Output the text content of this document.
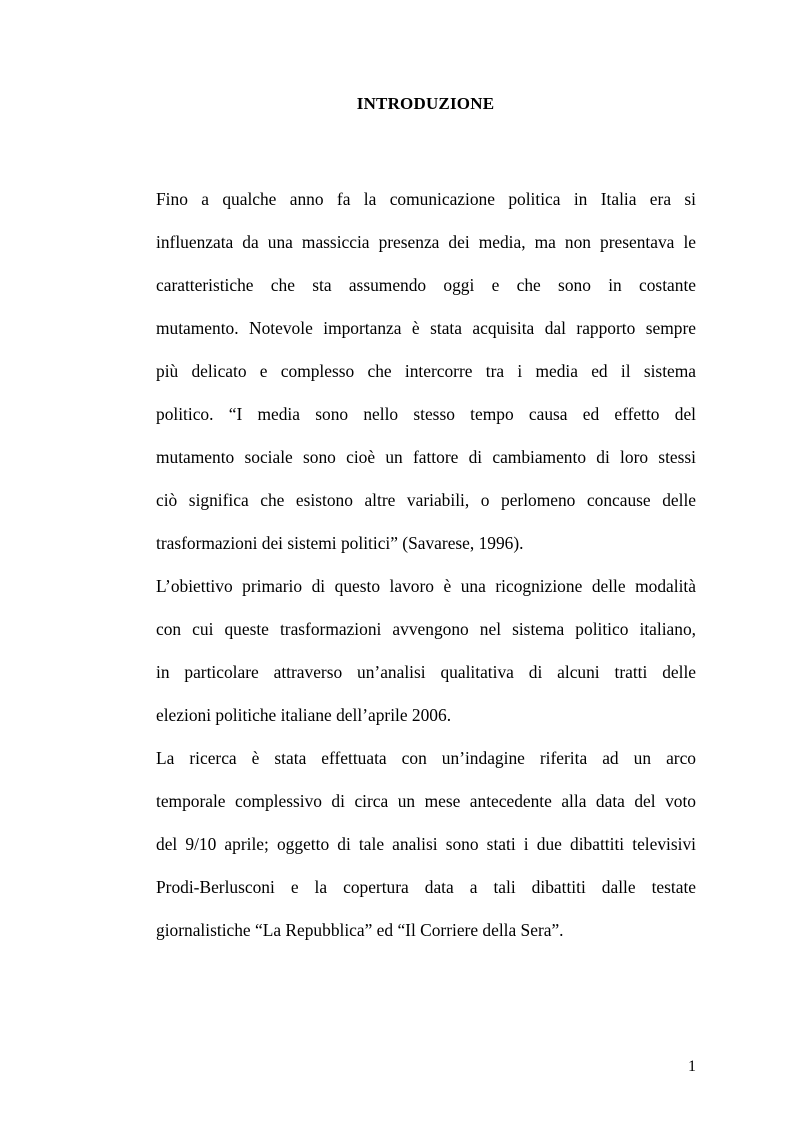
INTRODUZIONE

Fino a qualche anno fa la comunicazione politica in Italia era si
influenzata da una massiccia presenza dei media, ma non presentava le
caratteristiche che sta assumendo oggi e che sono in costante
mutamento. Notevole importanza è stata acquisita dal rapporto sempre
più delicato e complesso che intercorre tra i media ed il sistema
politico. “I media sono nello stesso tempo causa ed effetto del
mutamento sociale sono cioè un fattore di cambiamento di loro stessi
ciò significa che esistono altre variabili, o perlomeno concause delle
trasformazioni dei sistemi politici” (Savarese, 1996).

L’obiettivo primario di questo lavoro è una ricognizione delle modalità
con cui queste trasformazioni avvengono nel sistema politico italiano,
in particolare attraverso un’analisi qualitativa di alcuni tratti delle
elezioni politiche italiane dell’aprile 2006.

La ricerca è stata effettuata con un’indagine riferita ad un arco
temporale complessivo di circa un mese antecedente alla data del voto
del 9/10 aprile; oggetto di tale analisi sono stati i due dibattiti televisivi
Prodi-Berlusconi e la copertura data a tali dibattiti dalle testate
giornalistiche “La Repubblica” ed “Il Corriere della Sera”.

1
